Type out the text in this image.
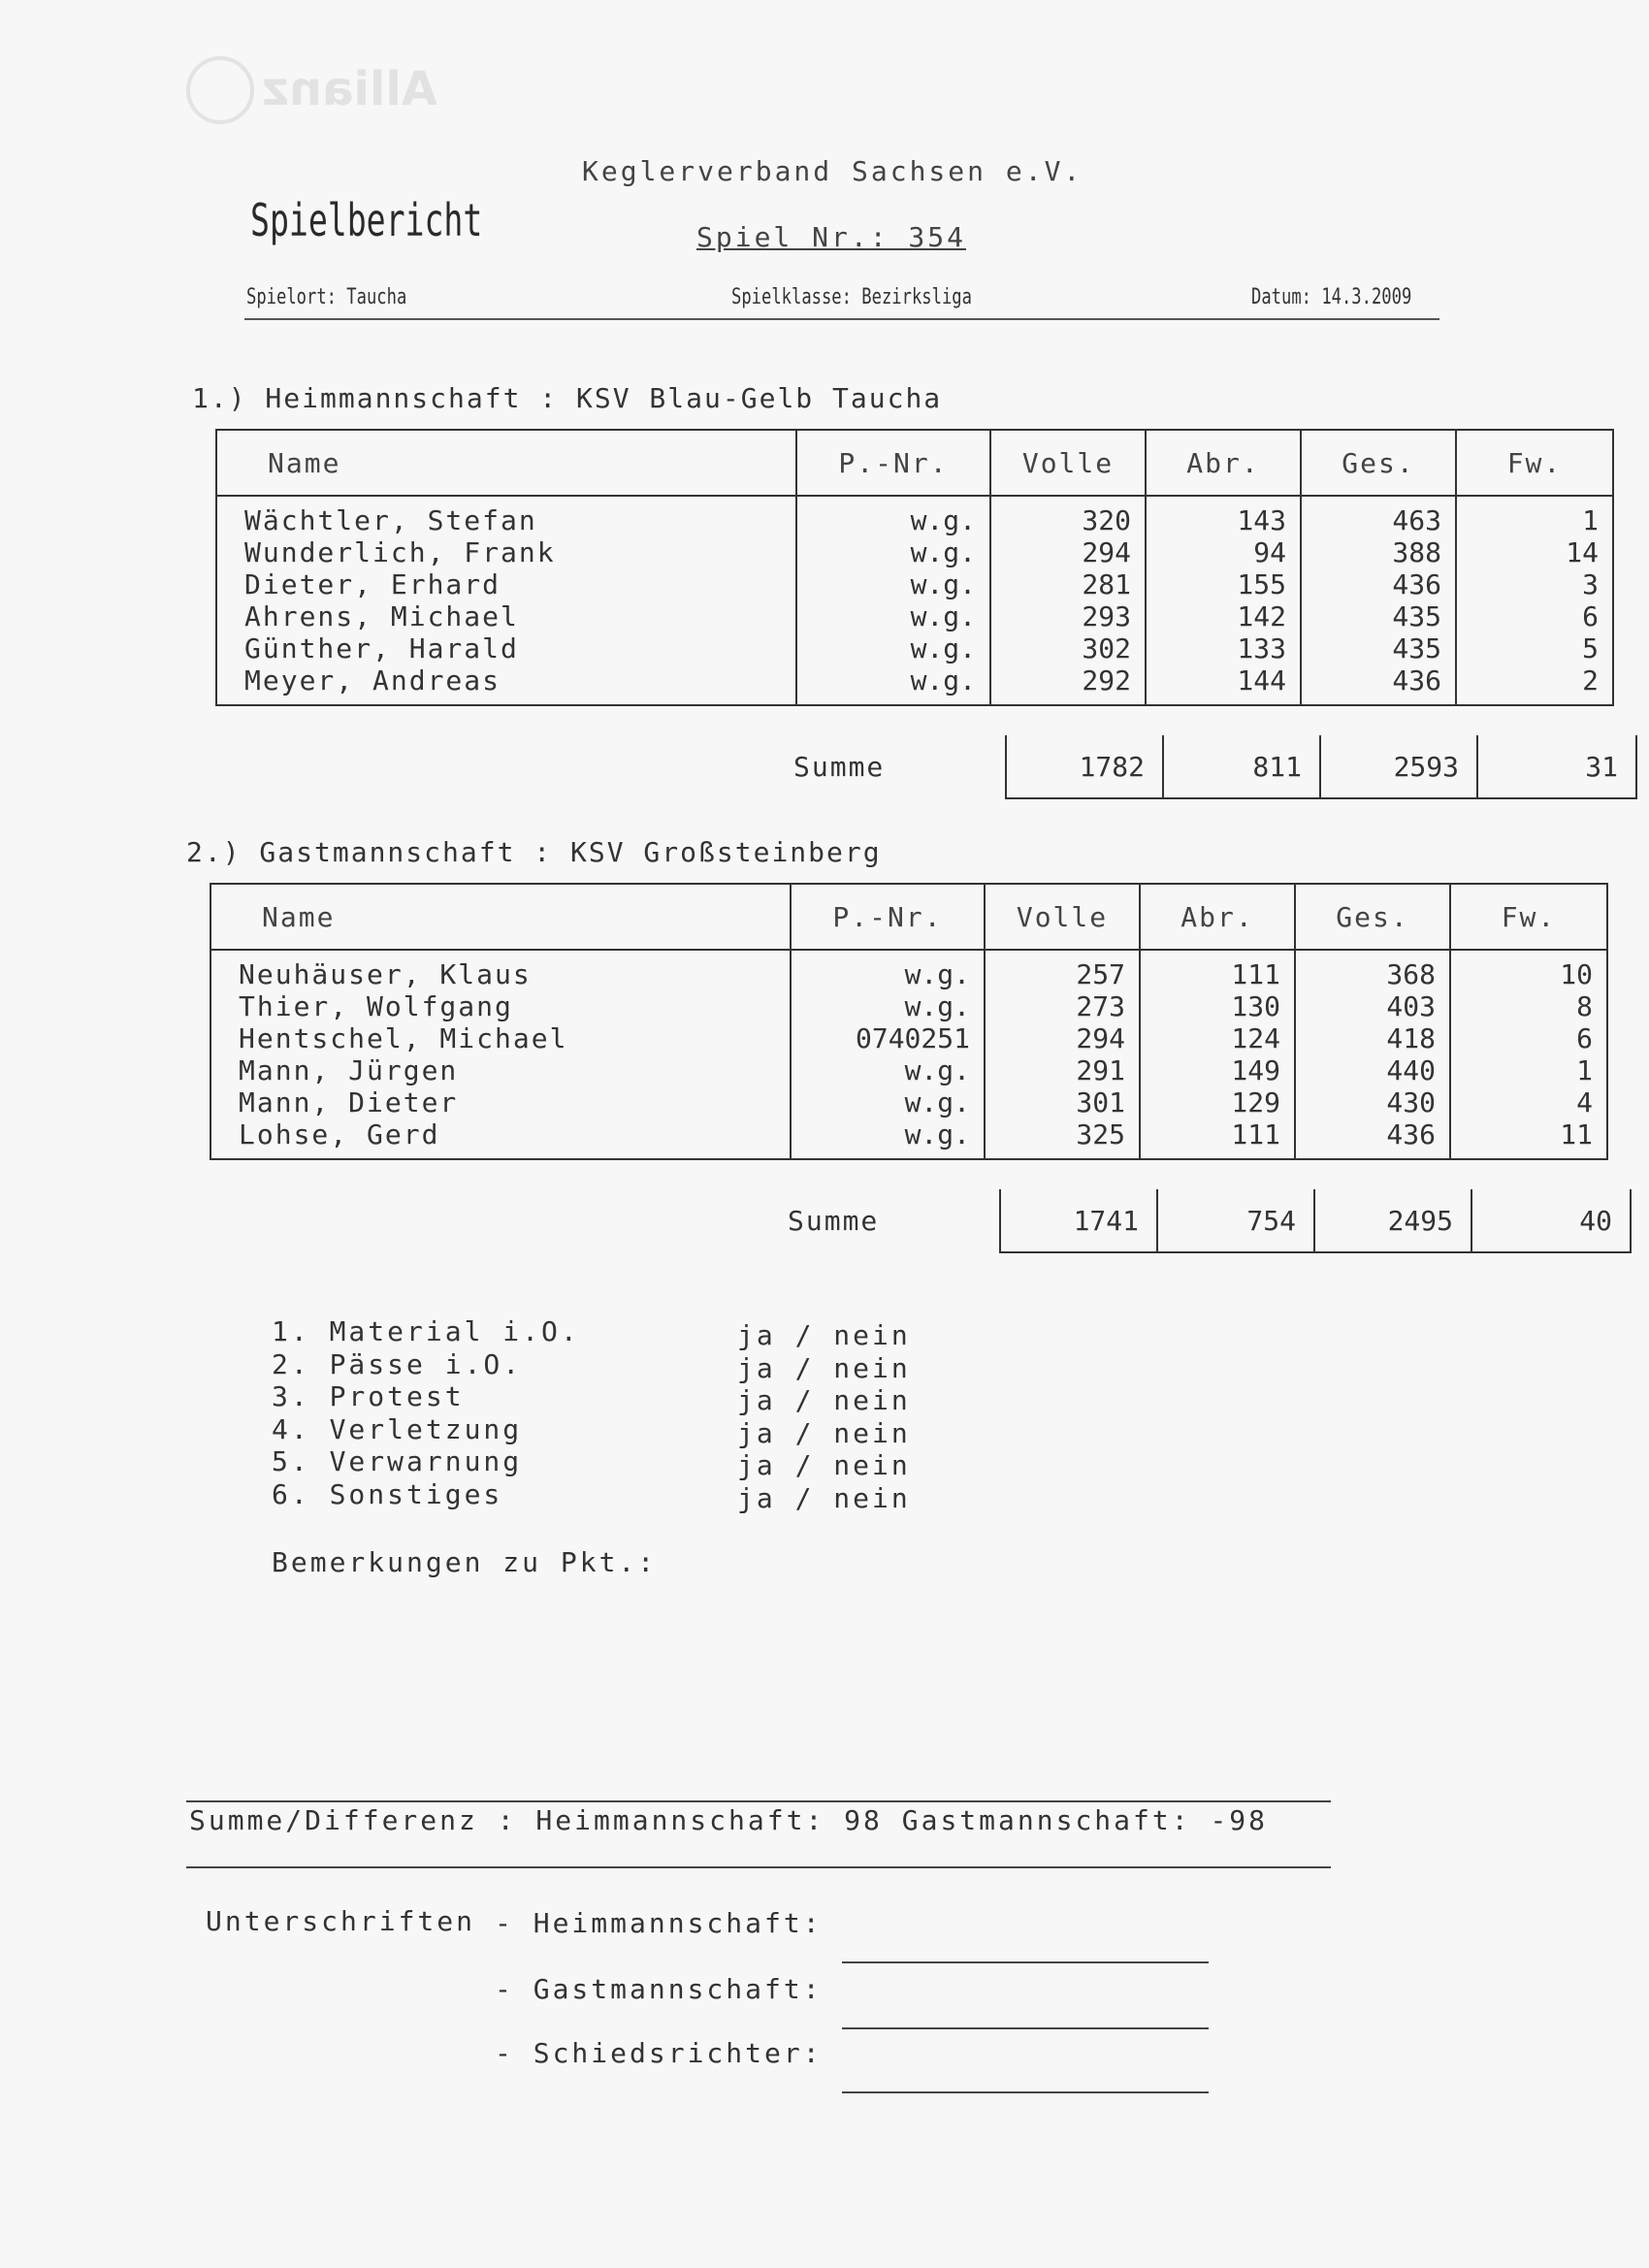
Allianz
Keglerverband Sachsen e.V.
Spielbericht	Spiel Nr.: 354
Spielort: Taucha	Spielklasse: Bezirksliga	Datum: 14.3.2009
1.) Heimmannschaft : KSV Blau-Gelb Taucha
Name	P.-Nr.	Volle	Abr.	Ges.	Fw.
Wächtler, Stefan	w.g.	320	143	463	1
Wunderlich, Frank	w.g.	294	94	388	14
Dieter, Erhard	w.g.	281	155	436	3
Ahrens, Michael	w.g.	293	142	435	6
Günther, Harald	w.g.	302	133	435	5
Meyer, Andreas	w.g.	292	144	436	2
Summe	1782	811	2593	31
2.) Gastmannschaft : KSV Großsteinberg
Name	P.-Nr.	Volle	Abr.	Ges.	Fw.
Neuhäuser, Klaus	w.g.	257	111	368	10
Thier, Wolfgang	w.g.	273	130	403	8
Hentschel, Michael	0740251	294	124	418	6
Mann, Jürgen	w.g.	291	149	440	1
Mann, Dieter	w.g.	301	129	430	4
Lohse, Gerd	w.g.	325	111	436	11
Summe	1741	754	2495	40
1. Material i.O.	ja / nein
2. Pässe i.O.	ja / nein
3. Protest	ja / nein
4. Verletzung	ja / nein
5. Verwarnung	ja / nein
6. Sonstiges	ja / nein
Bemerkungen zu Pkt.:
Summe/Differenz : Heimmannschaft: 98 Gastmannschaft: -98
Unterschriften - Heimmannschaft:
- Gastmannschaft:
- Schiedsrichter:
